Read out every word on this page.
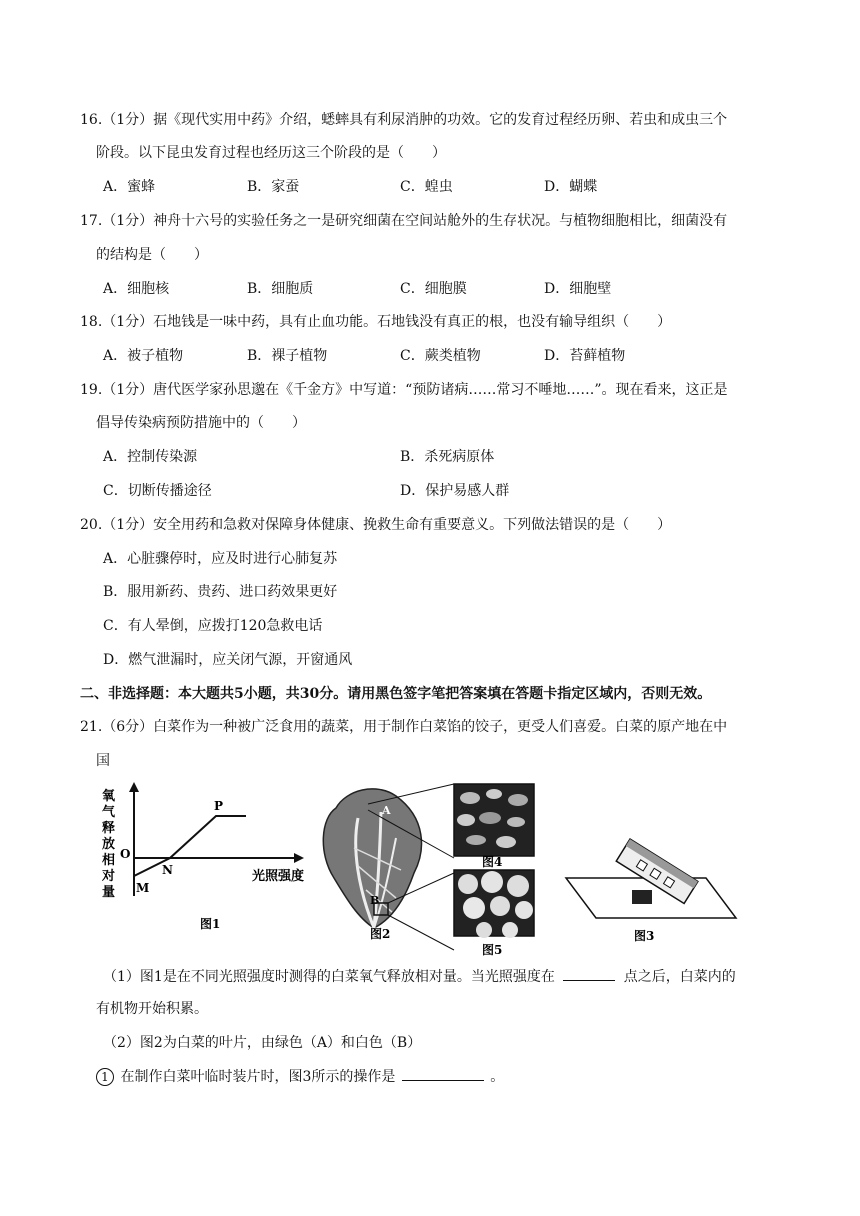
16.（1分）据《现代实用中药》介绍，蟋蟀具有利尿消肿的功效。它的发育过程经历卵、若虫和成虫三个
阶段。以下昆虫发育过程也经历这三个阶段的是（　　）
A．蜜蜂	B．家蚕	C．蝗虫	D．蝴蝶
17.（1分）神舟十六号的实验任务之一是研究细菌在空间站舱外的生存状况。与植物细胞相比，细菌没有
的结构是（　　）
A．细胞核	B．细胞质	C．细胞膜	D．细胞壁
18.（1分）石地钱是一味中药，具有止血功能。石地钱没有真正的根，也没有输导组织（　　）
A．被子植物	B．裸子植物	C．蕨类植物	D．苔藓植物
19.（1分）唐代医学家孙思邈在《千金方》中写道：“预防诸病……常习不唾地……”。现在看来，这正是
倡导传染病预防措施中的（　　）
A．控制传染源	B．杀死病原体
C．切断传播途径	D．保护易感人群
20.（1分）安全用药和急救对保障身体健康、挽救生命有重要意义。下列做法错误的是（　　）
A．心脏骤停时，应及时进行心肺复苏
B．服用新药、贵药、进口药效果更好
C．有人晕倒，应拨打120急救电话
D．燃气泄漏时，应关闭气源，开窗通风
二、非选择题：本大题共5小题，共30分。请用黑色签字笔把答案填在答题卡指定区域内，否则无效。
21.（6分）白菜作为一种被广泛食用的蔬菜，用于制作白菜馅的饺子，更受人们喜爱。白菜的原产地在中
国
氧
气
释
放
相
对
量
P
O
N
M
光照强度
图1
A
B
图2
图4
图5
图3
（1）图1是在不同光照强度时测得的白菜氧气释放相对量。当光照强度在	点之后，白菜内的
有机物开始积累。
（2）图2为白菜的叶片，由绿色（A）和白色（B）
1 在制作白菜叶临时装片时，图3所示的操作是	。
